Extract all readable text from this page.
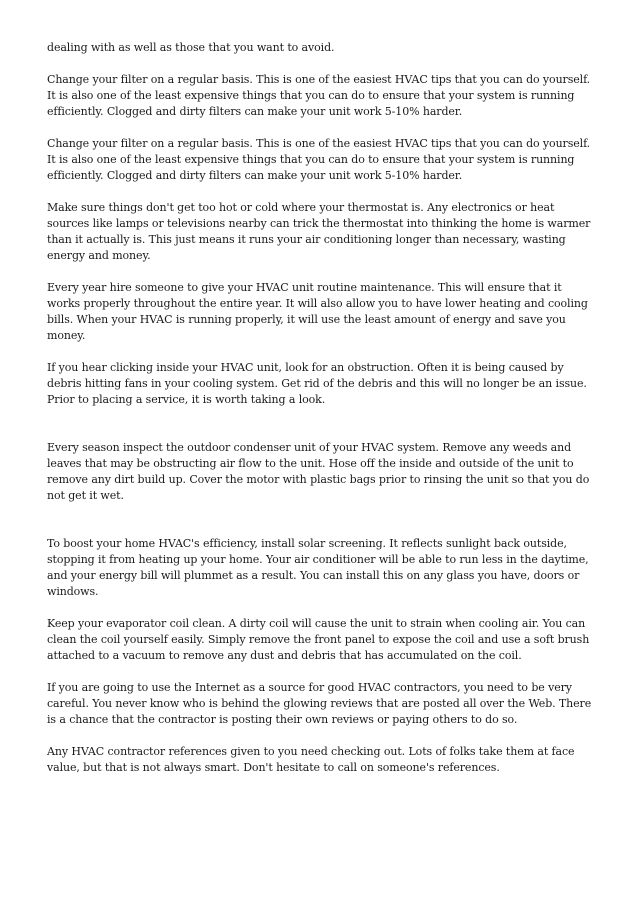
dealing with as well as those that you want to avoid.

Change your filter on a regular basis. This is one of the easiest HVAC tips that you can do yourself. It is also one of the least expensive things that you can do to ensure that your system is running efficiently. Clogged and dirty filters can make your unit work 5-10% harder.

Change your filter on a regular basis. This is one of the easiest HVAC tips that you can do yourself. It is also one of the least expensive things that you can do to ensure that your system is running efficiently. Clogged and dirty filters can make your unit work 5-10% harder.

Make sure things don't get too hot or cold where your thermostat is. Any electronics or heat sources like lamps or televisions nearby can trick the thermostat into thinking the home is warmer than it actually is. This just means it runs your air conditioning longer than necessary, wasting energy and money.

Every year hire someone to give your HVAC unit routine maintenance. This will ensure that it works properly throughout the entire year. It will also allow you to have lower heating and cooling bills. When your HVAC is running properly, it will use the least amount of energy and save you money.

If you hear clicking inside your HVAC unit, look for an obstruction. Often it is being caused by debris hitting fans in your cooling system. Get rid of the debris and this will no longer be an issue. Prior to placing a service, it is worth taking a look.

Every season inspect the outdoor condenser unit of your HVAC system. Remove any weeds and leaves that may be obstructing air flow to the unit. Hose off the inside and outside of the unit to remove any dirt build up. Cover the motor with plastic bags prior to rinsing the unit so that you do not get it wet.

To boost your home HVAC's efficiency, install solar screening. It reflects sunlight back outside, stopping it from heating up your home. Your air conditioner will be able to run less in the daytime, and your energy bill will plummet as a result. You can install this on any glass you have, doors or windows.

Keep your evaporator coil clean. A dirty coil will cause the unit to strain when cooling air. You can clean the coil yourself easily. Simply remove the front panel to expose the coil and use a soft brush attached to a vacuum to remove any dust and debris that has accumulated on the coil.

If you are going to use the Internet as a source for good HVAC contractors, you need to be very careful. You never know who is behind the glowing reviews that are posted all over the Web. There is a chance that the contractor is posting their own reviews or paying others to do so.

Any HVAC contractor references given to you need checking out. Lots of folks take them at face value, but that is not always smart. Don't hesitate to call on someone's references.
